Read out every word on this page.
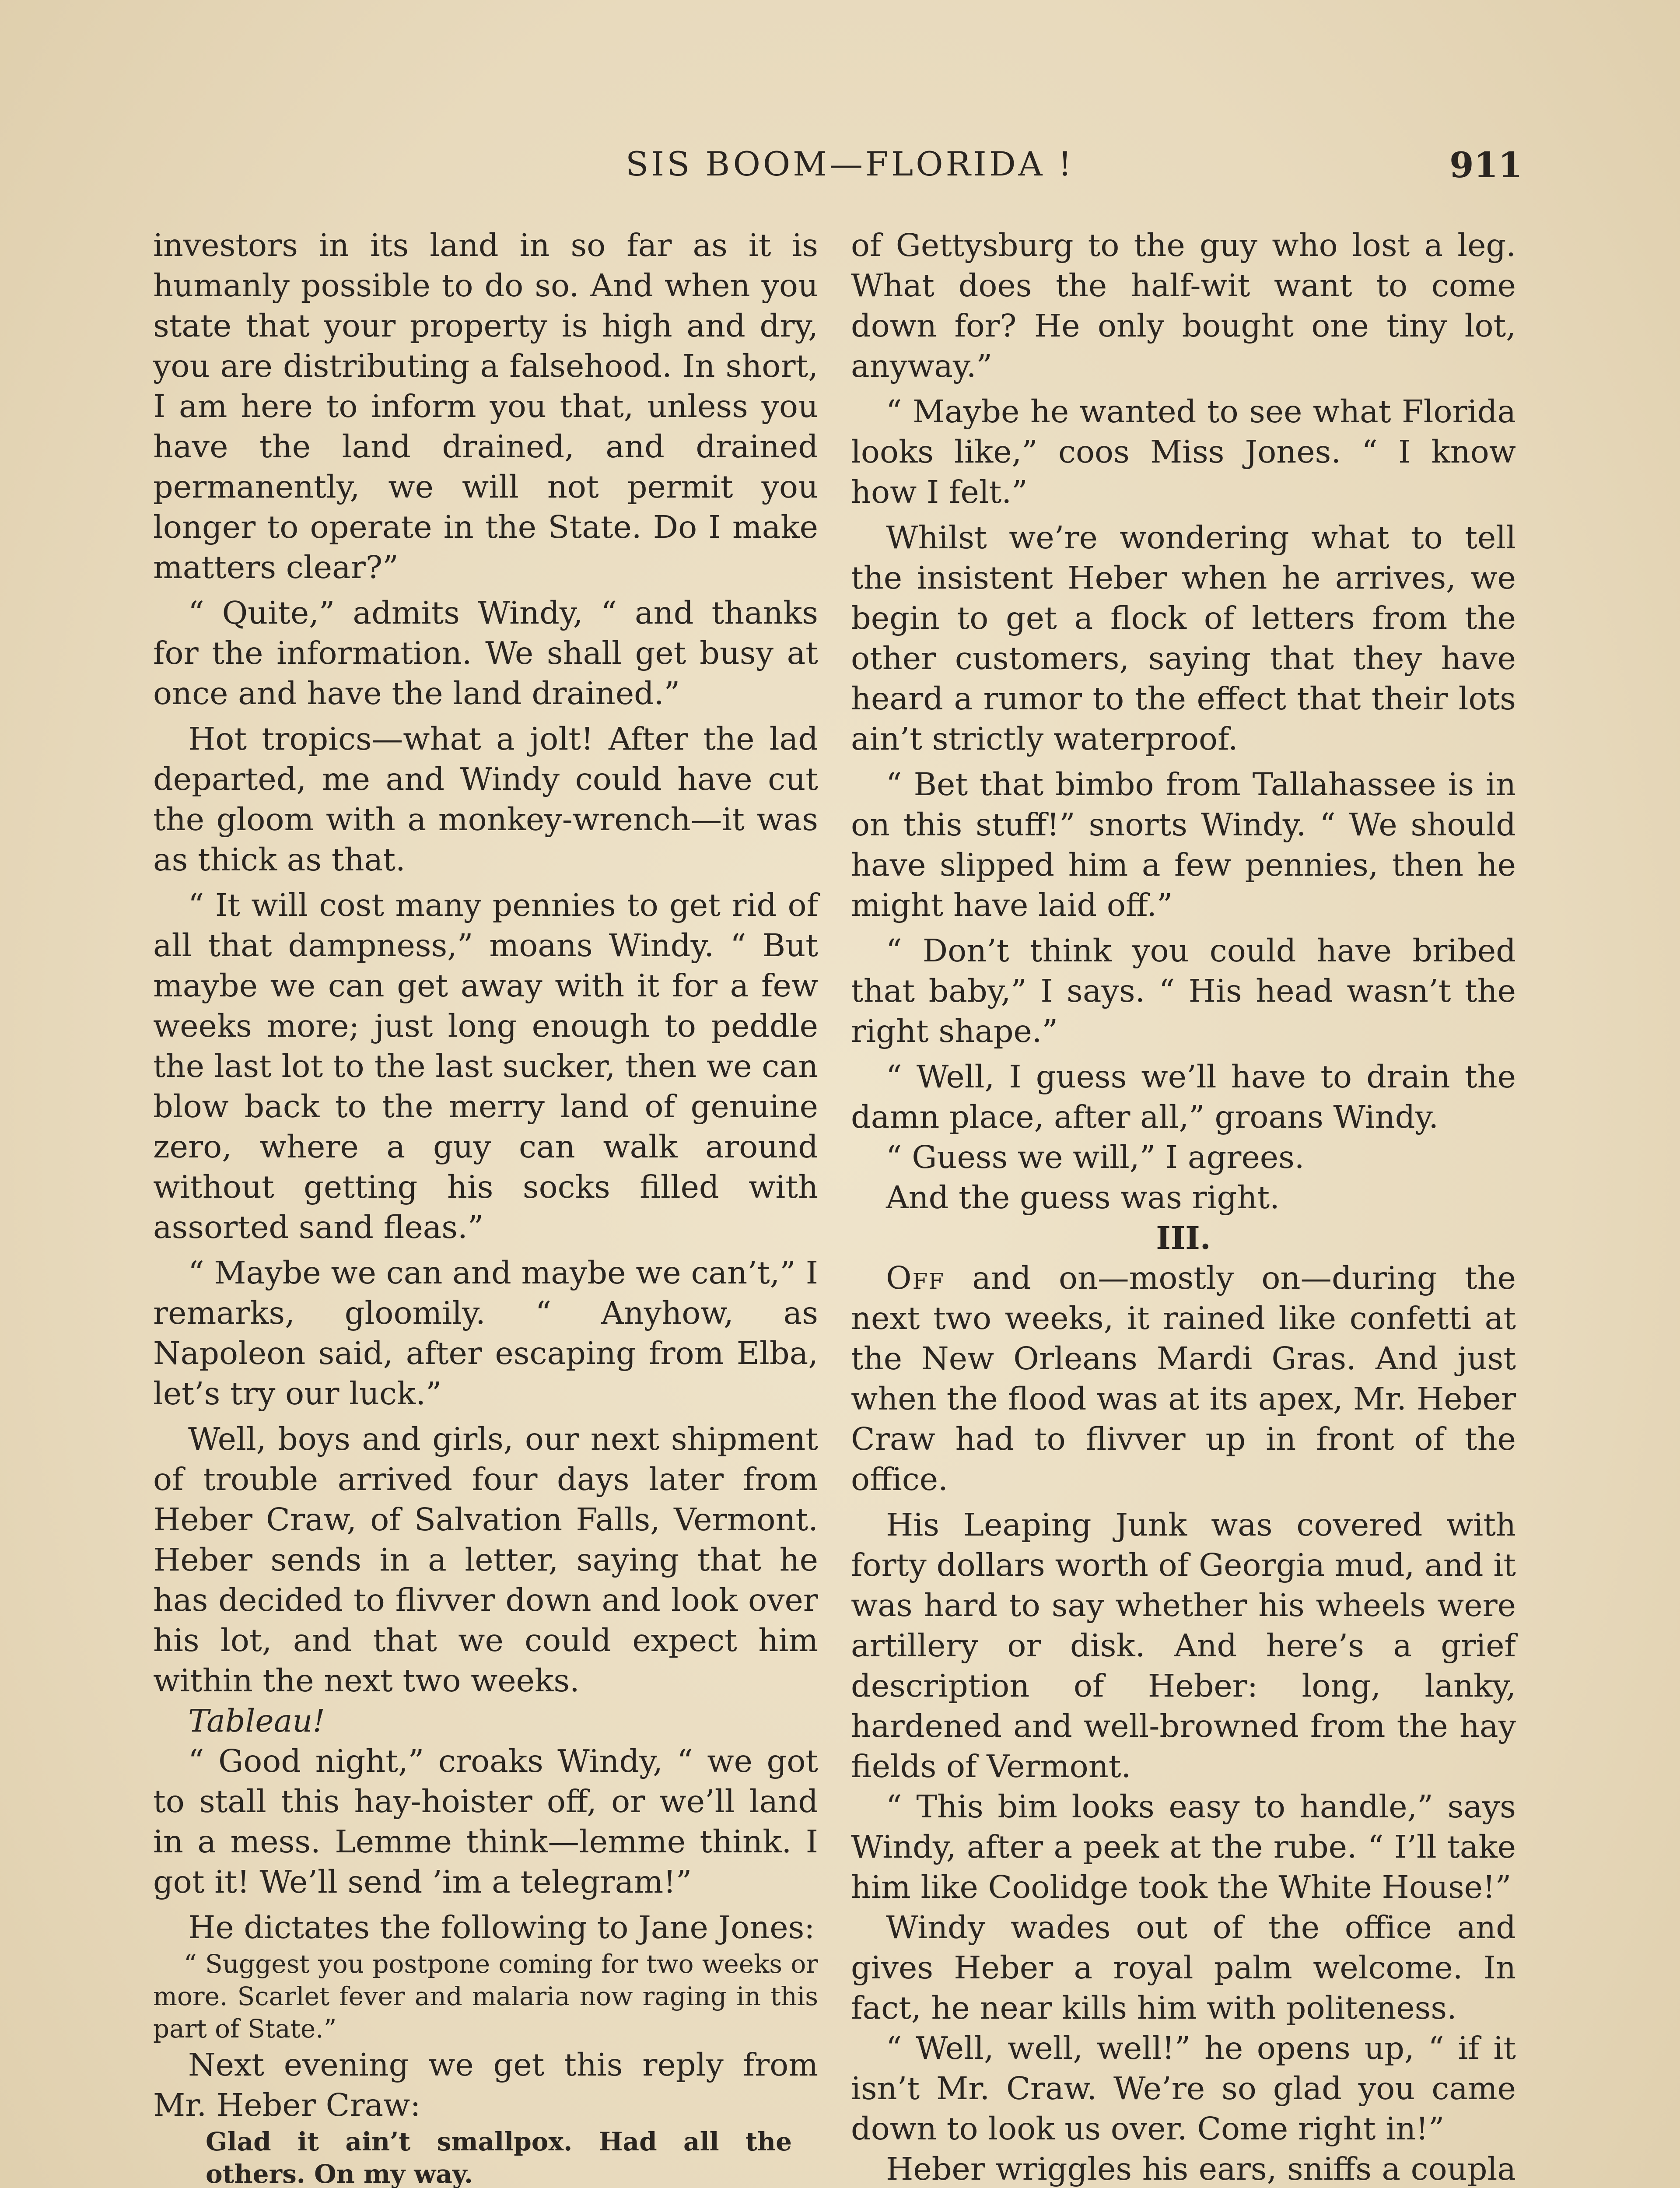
SIS BOOM—FLORIDA !	911

investors in its land in so far as it is humanly possible to do so. And when you state that your property is high and dry, you are distributing a falsehood. In short, I am here to inform you that, unless you have the land drained, and drained permanently, we will not permit you longer to operate in the State. Do I make matters clear?”

“ Quite,” admits Windy, “ and thanks for the information. We shall get busy at once and have the land drained.”

Hot tropics—what a jolt! After the lad departed, me and Windy could have cut the gloom with a monkey-wrench—it was as thick as that.

“ It will cost many pennies to get rid of all that dampness,” moans Windy. “ But maybe we can get away with it for a few weeks more; just long enough to peddle the last lot to the last sucker, then we can blow back to the merry land of genuine zero, where a guy can walk around without getting his socks filled with assorted sand fleas.”

“ Maybe we can and maybe we can’t,” I remarks, gloomily. “ Anyhow, as Napoleon said, after escaping from Elba, let’s try our luck.”

Well, boys and girls, our next shipment of trouble arrived four days later from Heber Craw, of Salvation Falls, Vermont. Heber sends in a letter, saying that he has decided to flivver down and look over his lot, and that we could expect him within the next two weeks.

Tableau!

“ Good night,” croaks Windy, “ we got to stall this hay-hoister off, or we’ll land in a mess. Lemme think—lemme think. I got it! We’ll send ’im a telegram!”

He dictates the following to Jane Jones:

“ Suggest you postpone coming for two weeks or more. Scarlet fever and malaria now raging in this part of State.”

Next evening we get this reply from Mr. Heber Craw:

Glad it ain’t smallpox. Had all the others. On my way.

of Gettysburg to the guy who lost a leg. What does the half-wit want to come down for? He only bought one tiny lot, anyway.”

“ Maybe he wanted to see what Florida looks like,” coos Miss Jones. “ I know how I felt.”

Whilst we’re wondering what to tell the insistent Heber when he arrives, we begin to get a flock of letters from the other customers, saying that they have heard a rumor to the effect that their lots ain’t strictly waterproof.

“ Bet that bimbo from Tallahassee is in on this stuff!” snorts Windy. “ We should have slipped him a few pennies, then he might have laid off.”

“ Don’t think you could have bribed that baby,” I says. “ His head wasn’t the right shape.”

“ Well, I guess we’ll have to drain the damn place, after all,” groans Windy.

“ Guess we will,” I agrees.

And the guess was right.

III.

Off and on—mostly on—during the next two weeks, it rained like confetti at the New Orleans Mardi Gras. And just when the flood was at its apex, Mr. Heber Craw had to flivver up in front of the office.

His Leaping Junk was covered with forty dollars worth of Georgia mud, and it was hard to say whether his wheels were artillery or disk. And here’s a grief description of Heber: long, lanky, hardened and well-browned from the hay fields of Vermont.

“ This bim looks easy to handle,” says Windy, after a peek at the rube. “ I’ll take him like Coolidge took the White House!”

Windy wades out of the office and gives Heber a royal palm welcome. In fact, he near kills him with politeness.

“ Well, well, well!” he opens up, “ if it isn’t Mr. Craw. We’re so glad you came down to look us over. Come right in!”

Heber wriggles his ears, sniffs a coupla
